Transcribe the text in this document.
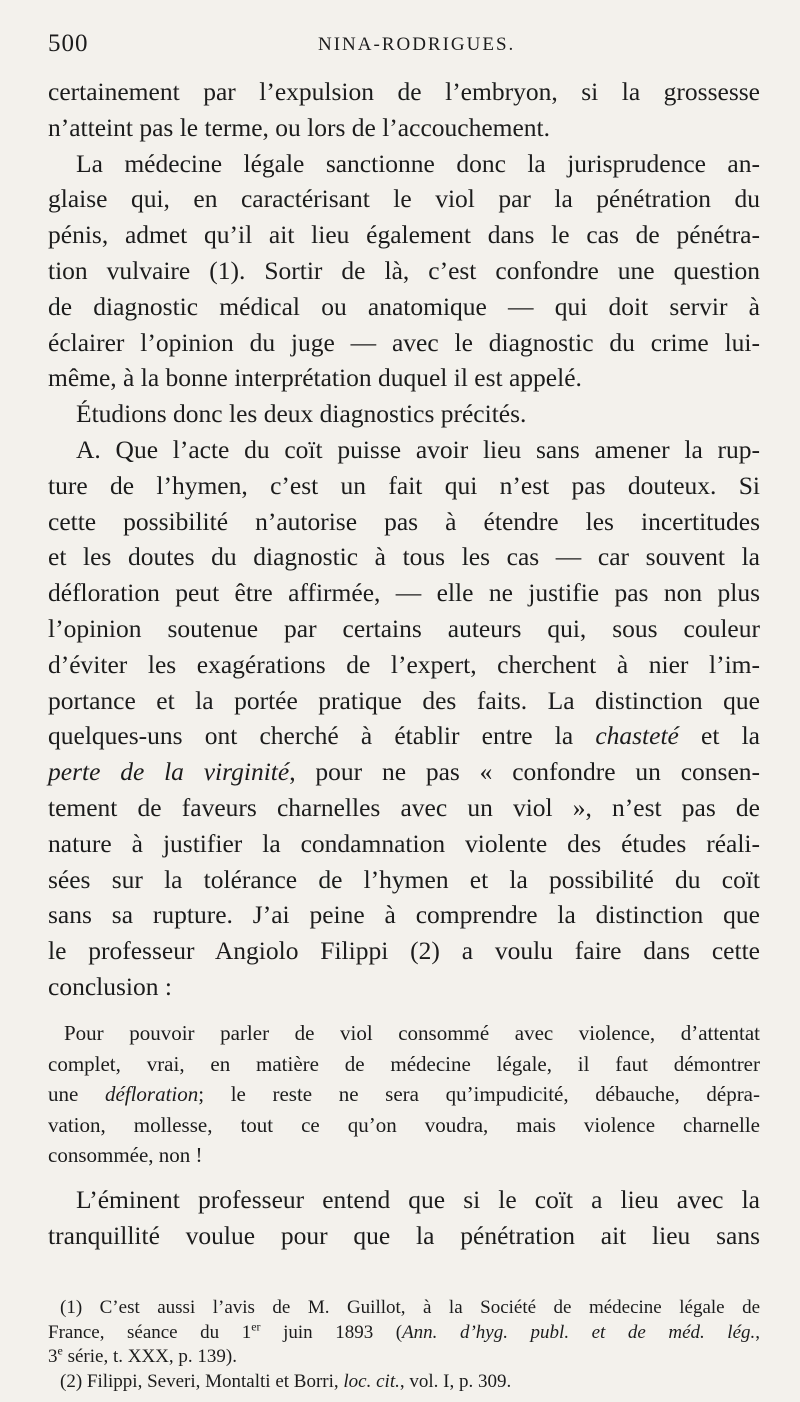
500	NINA-RODRIGUES.
certainement par l’expulsion de l’embryon, si la grossesse
n’atteint pas le terme, ou lors de l’accouchement.
La médecine légale sanctionne donc la jurisprudence an-
glaise qui, en caractérisant le viol par la pénétration du
pénis, admet qu’il ait lieu également dans le cas de pénétra-
tion vulvaire (1). Sortir de là, c’est confondre une question
de diagnostic médical ou anatomique — qui doit servir à
éclairer l’opinion du juge — avec le diagnostic du crime lui-
même, à la bonne interprétation duquel il est appelé.
Étudions donc les deux diagnostics précités.
A. Que l’acte du coït puisse avoir lieu sans amener la rup-
ture de l’hymen, c’est un fait qui n’est pas douteux. Si
cette possibilité n’autorise pas à étendre les incertitudes
et les doutes du diagnostic à tous les cas — car souvent la
défloration peut être affirmée, — elle ne justifie pas non plus
l’opinion soutenue par certains auteurs qui, sous couleur
d’éviter les exagérations de l’expert, cherchent à nier l’im-
portance et la portée pratique des faits. La distinction que
quelques-uns ont cherché à établir entre la chasteté et la
perte de la virginité, pour ne pas « confondre un consen-
tement de faveurs charnelles avec un viol », n’est pas de
nature à justifier la condamnation violente des études réali-
sées sur la tolérance de l’hymen et la possibilité du coït
sans sa rupture. J’ai peine à comprendre la distinction que
le professeur Angiolo Filippi (2) a voulu faire dans cette
conclusion :
Pour pouvoir parler de viol consommé avec violence, d’attentat
complet, vrai, en matière de médecine légale, il faut démontrer
une défloration; le reste ne sera qu’impudicité, débauche, dépra-
vation, mollesse, tout ce qu’on voudra, mais violence charnelle
consommée, non !
L’éminent professeur entend que si le coït a lieu avec la
tranquillité voulue pour que la pénétration ait lieu sans
(1) C’est aussi l’avis de M. Guillot, à la Société de médecine légale de
France, séance du 1er juin 1893 (Ann. d’hyg. publ. et de méd. lég.,
3e série, t. XXX, p. 139).
(2) Filippi, Severi, Montalti et Borri, loc. cit., vol. I, p. 309.
